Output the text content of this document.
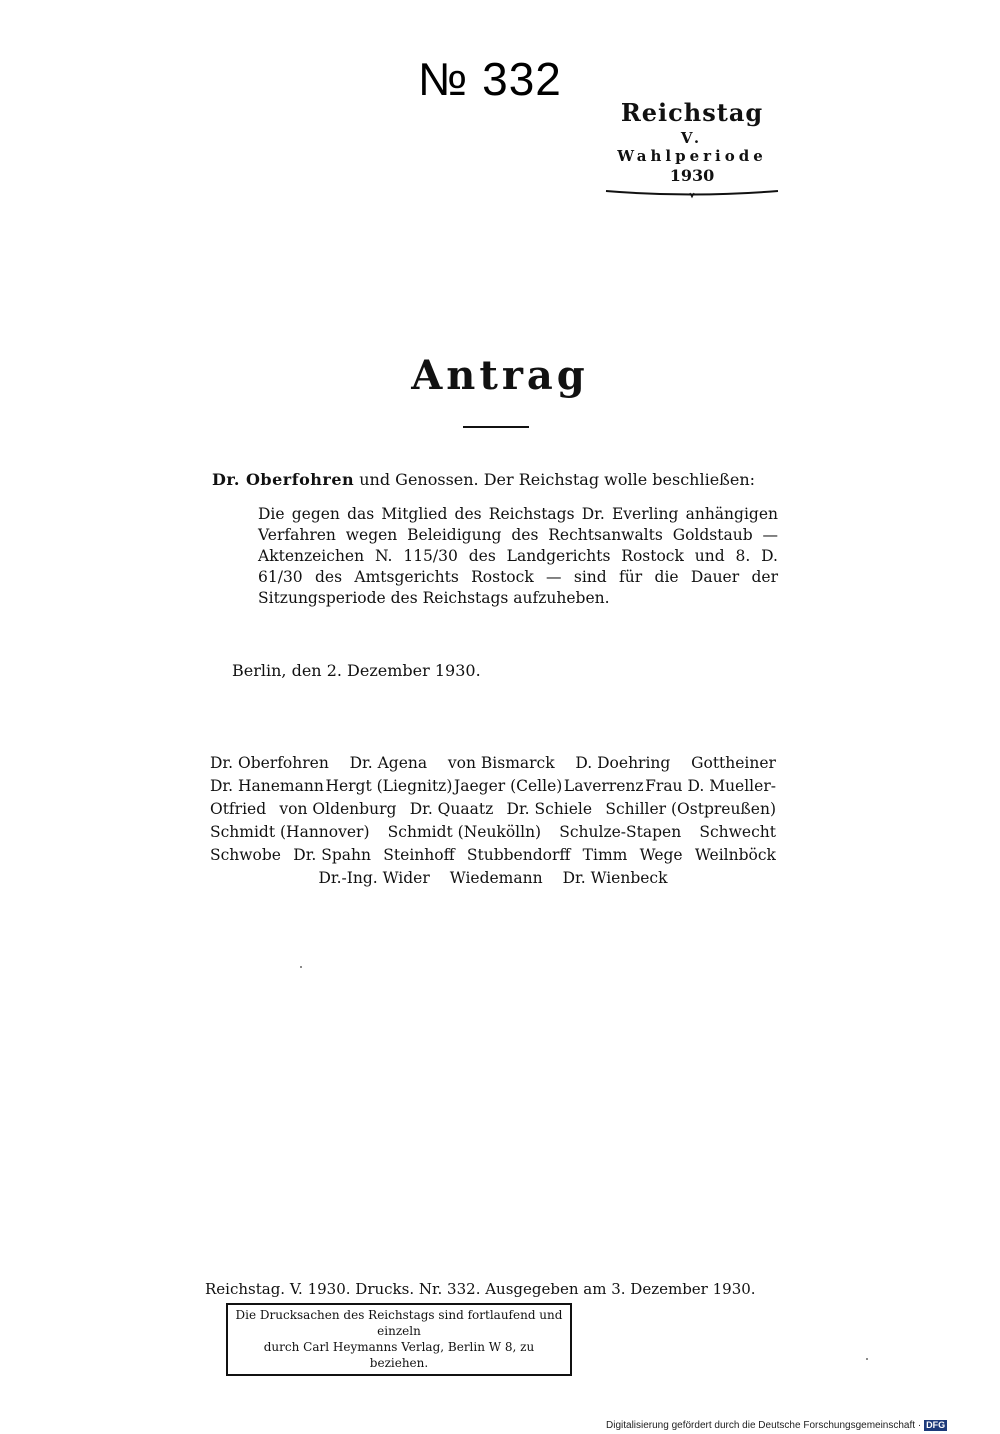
№ 332
Reichstag
V. Wahlperiode
1930
Antrag
Dr. Oberfohren und Genossen. Der Reichstag wolle beschließen:
Die gegen das Mitglied des Reichstags Dr. Everling anhängigen Verfahren wegen Beleidigung des Rechtsanwalts Goldstaub — Aktenzeichen N. 115/30 des Landgerichts Rostock und 8. D. 61/30 des Amtsgerichts Rostock — sind für die Dauer der Sitzungsperiode des Reichstags aufzuheben.
Berlin, den 2. Dezember 1930.
Dr. Oberfohren Dr. Agena von Bismarck D. Doehring Gottheiner
Dr. Hanemann Hergt (Liegnitz) Jaeger (Celle) Laverrenz Frau D. Mueller-
Otfried von Oldenburg Dr. Quaatz Dr. Schiele Schiller (Ostpreußen)
Schmidt (Hannover) Schmidt (Neukölln) Schulze-Stapen Schwecht
Schwobe Dr. Spahn Steinhoff Stubbendorff Timm Wege Weilnböck
Dr.-Ing. Wider Wiedemann Dr. Wienbeck
Reichstag. V. 1930. Drucks. Nr. 332. Ausgegeben am 3. Dezember 1930.
Die Drucksachen des Reichstags sind fortlaufend und einzeln
durch Carl Heymanns Verlag, Berlin W 8, zu beziehen.
Digitalisierung gefördert durch die Deutsche Forschungsgemeinschaft · DFG
